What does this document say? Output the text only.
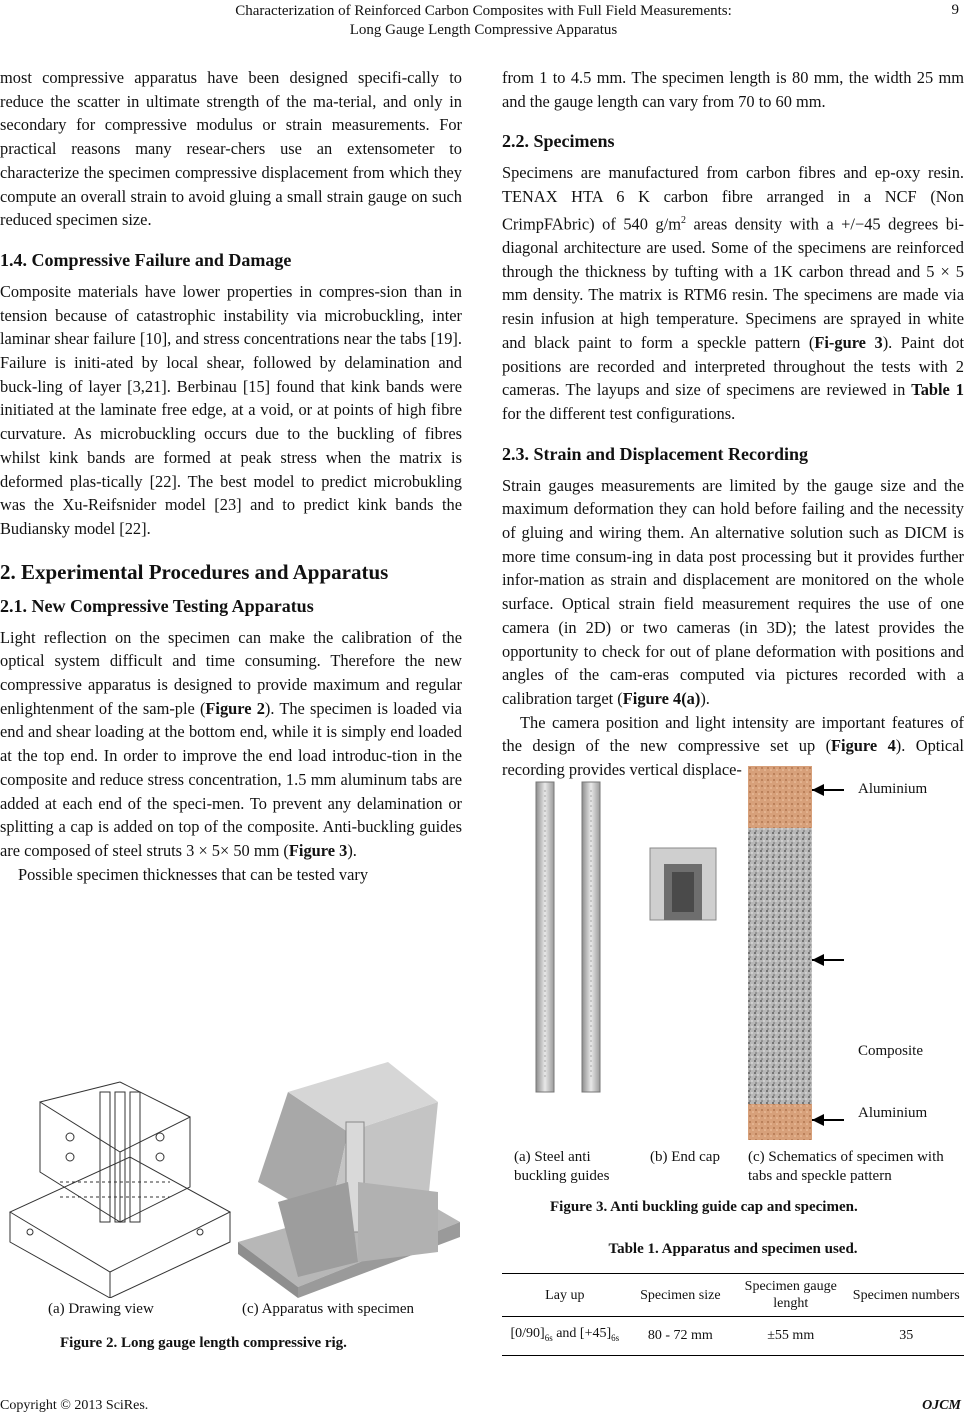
Characterization of Reinforced Carbon Composites with Full Field Measurements:
Long Gauge Length Compressive Apparatus
9

most compressive apparatus have been designed specifi-cally to reduce the scatter in ultimate strength of the ma-terial, and only in secondary for compressive modulus or strain measurements. For practical reasons many resear-chers use an extensometer to characterize the specimen compressive displacement from which they compute an overall strain to avoid gluing a small strain gauge on such reduced specimen size.

1.4. Compressive Failure and Damage

Composite materials have lower properties in compres-sion than in tension because of catastrophic instability via microbuckling, inter laminar shear failure [10], and stress concentrations near the tabs [19]. Failure is initi-ated by local shear, followed by delamination and buck-ling of layer [3,21]. Berbinau [15] found that kink bands were initiated at the laminate free edge, at a void, or at points of high fibre curvature. As microbuckling occurs due to the buckling of fibres whilst kink bands are formed at peak stress when the matrix is deformed plas-tically [22]. The best model to predict microbukling was the Xu-Reifsnider model [23] and to predict kink bands the Budiansky model [22].

2. Experimental Procedures and Apparatus
2.1. New Compressive Testing Apparatus

Light reflection on the specimen can make the calibration of the optical system difficult and time consuming. Therefore the new compressive apparatus is designed to provide maximum and regular enlightenment of the sam-ple (Figure 2). The specimen is loaded via end and shear loading at the bottom end, while it is simply end loaded at the top end. In order to improve the end load introduc-tion in the composite and reduce stress concentration, 1.5 mm aluminum tabs are added at each end of the speci-men. To prevent any delamination or splitting a cap is added on top of the composite. Anti-buckling guides are composed of steel struts 3 × 5× 50 mm (Figure 3).

Possible specimen thicknesses that can be tested vary

(a) Drawing view	(c) Apparatus with specimen
Figure 2. Long gauge length compressive rig.

from 1 to 4.5 mm. The specimen length is 80 mm, the width 25 mm and the gauge length can vary from 70 to 60 mm.

2.2. Specimens

Specimens are manufactured from carbon fibres and ep-oxy resin. TENAX HTA 6 K carbon fibre arranged in a NCF (Non CrimpFAbric) of 540 $g/m^2$ areas density with a +/−45 degrees bi-diagonal architecture are used. Some of the specimens are reinforced through the thickness by tufting with a 1K carbon thread and 5 × 5 mm density. The matrix is RTM6 resin. The specimens are made via resin infusion at high temperature. Specimens are sprayed in white and black paint to form a speckle pattern (Fi-gure 3). Paint dot positions are recorded and interpreted throughout the tests with 2 cameras. The layups and size of specimens are reviewed in Table 1 for the different test configurations.

2.3. Strain and Displacement Recording

Strain gauges measurements are limited by the gauge size and the maximum deformation they can hold before failing and the necessity of gluing and wiring them. An alternative solution such as DICM is more time consum-ing in data post processing but it provides further infor-mation as strain and displacement are monitored on the whole surface. Optical strain field measurement requires the use of one camera (in 2D) or two cameras (in 3D); the latest provides the opportunity to check for out of plane deformation with positions and angles of the cam-eras computed via pictures recorded with a calibration target (Figure 4(a)).

The camera position and light intensity are important features of the design of the new compressive set up (Figure 4). Optical recording provides vertical displace-

Aluminium
Composite
Aluminium
(a) Steel anti buckling guides
(b) End cap (c) Schematics of specimen with tabs and speckle pattern
Figure 3. Anti buckling guide cap and specimen.
Table 1. Apparatus and specimen used.
Lay up	Specimen size	Specimen gauge lenght	Specimen numbers
$[0/90]_{6s}$ and $[+45]_{6s}$	80 - 72 mm	±55 mm	35
Copyright © 2013 SciRes.	OJCM
